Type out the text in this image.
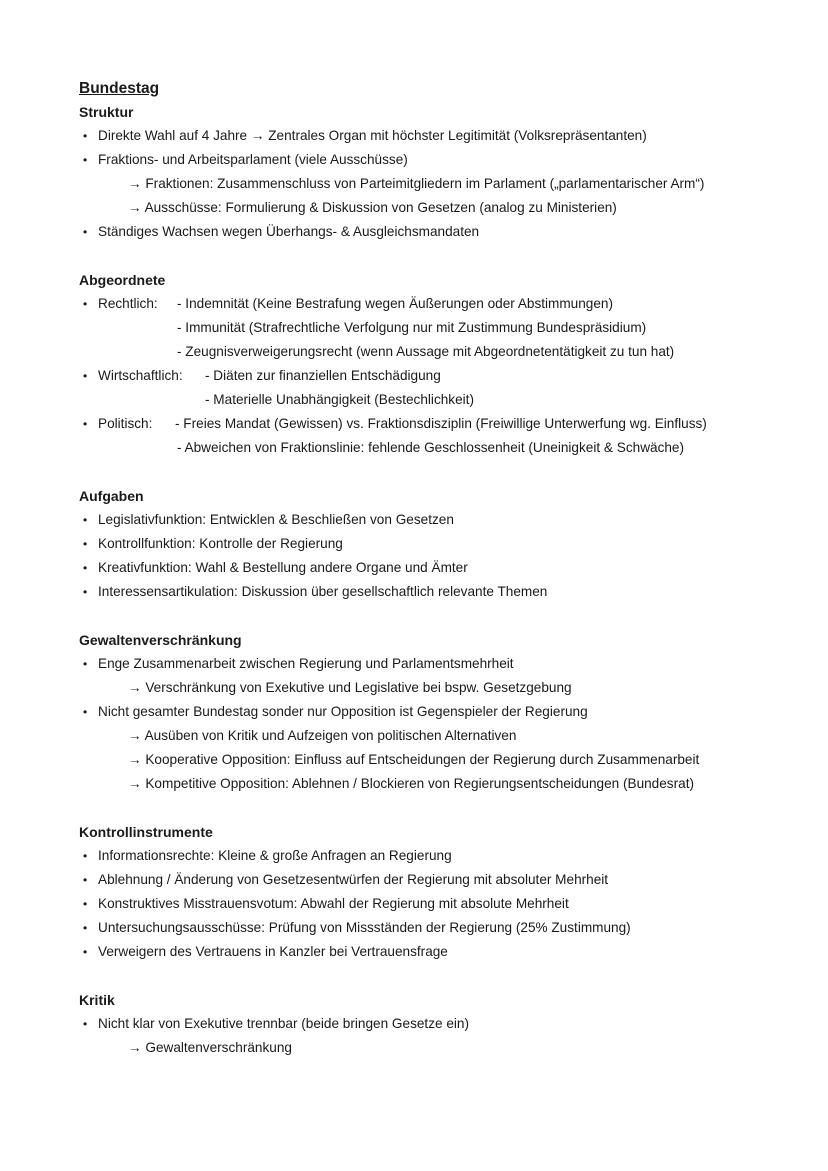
Bundestag
Struktur
• Direkte Wahl auf 4 Jahre → Zentrales Organ mit höchster Legitimität (Volksrepräsentanten)
• Fraktions- und Arbeitsparlament (viele Ausschüsse)
→ Fraktionen: Zusammenschluss von Parteimitgliedern im Parlament („parlamentarischer Arm“)
→ Ausschüsse: Formulierung & Diskussion von Gesetzen (analog zu Ministerien)
• Ständiges Wachsen wegen Überhangs- & Ausgleichsmandaten
Abgeordnete
• Rechtlich: - Indemnität (Keine Bestrafung wegen Äußerungen oder Abstimmungen)
- Immunität (Strafrechtliche Verfolgung nur mit Zustimmung Bundespräsidium)
- Zeugnisverweigerungsrecht (wenn Aussage mit Abgeordnetentätigkeit zu tun hat)
• Wirtschaftlich: - Diäten zur finanziellen Entschädigung
- Materielle Unabhängigkeit (Bestechlichkeit)
• Politisch: - Freies Mandat (Gewissen) vs. Fraktionsdisziplin (Freiwillige Unterwerfung wg. Einfluss)
- Abweichen von Fraktionslinie: fehlende Geschlossenheit (Uneinigkeit & Schwäche)
Aufgaben
• Legislativfunktion: Entwicklen & Beschließen von Gesetzen
• Kontrollfunktion: Kontrolle der Regierung
• Kreativfunktion: Wahl & Bestellung andere Organe und Ämter
• Interessensartikulation: Diskussion über gesellschaftlich relevante Themen
Gewaltenverschränkung
• Enge Zusammenarbeit zwischen Regierung und Parlamentsmehrheit
→ Verschränkung von Exekutive und Legislative bei bspw. Gesetzgebung
• Nicht gesamter Bundestag sonder nur Opposition ist Gegenspieler der Regierung
→ Ausüben von Kritik und Aufzeigen von politischen Alternativen
→ Kooperative Opposition: Einfluss auf Entscheidungen der Regierung durch Zusammenarbeit
→ Kompetitive Opposition: Ablehnen / Blockieren von Regierungsentscheidungen (Bundesrat)
Kontrollinstrumente
• Informationsrechte: Kleine & große Anfragen an Regierung
• Ablehnung / Änderung von Gesetzesentwürfen der Regierung mit absoluter Mehrheit
• Konstruktives Misstrauensvotum: Abwahl der Regierung mit absolute Mehrheit
• Untersuchungsausschüsse: Prüfung von Missständen der Regierung (25% Zustimmung)
• Verweigern des Vertrauens in Kanzler bei Vertrauensfrage
Kritik
• Nicht klar von Exekutive trennbar (beide bringen Gesetze ein)
→ Gewaltenverschränkung
